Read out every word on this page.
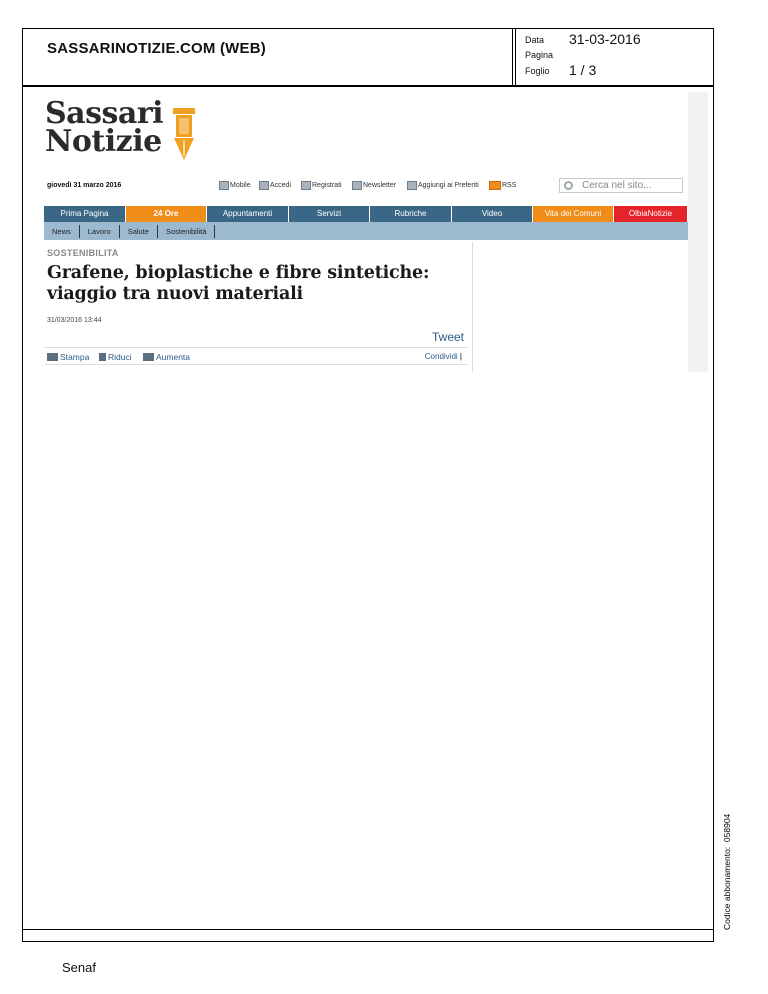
SASSARINOTIZIE.COM (WEB)	Data 31-03-2016
Pagina
Foglio 1 / 3
Sassari
Notizie
giovedì 31 marzo 2016	Mobile	Accedi	Registrati	Newsletter	Aggiungi ai Preferiti	RSS	Cerca nel sito...
Prima Pagina	24 Ore	Appuntamenti	Servizi	Rubriche	Video	Vita dei Comuni	OlbiaNotizie
News	Lavoro	Salute	Sostenibilità
SOSTENIBILITA
Grafene, bioplastiche e fibre sintetiche: viaggio tra nuovi materiali
31/03/2016 13:44
Tweet
Stampa Riduci	Aumenta	Condividi |
Codice abbonamento:  058904
Senaf
